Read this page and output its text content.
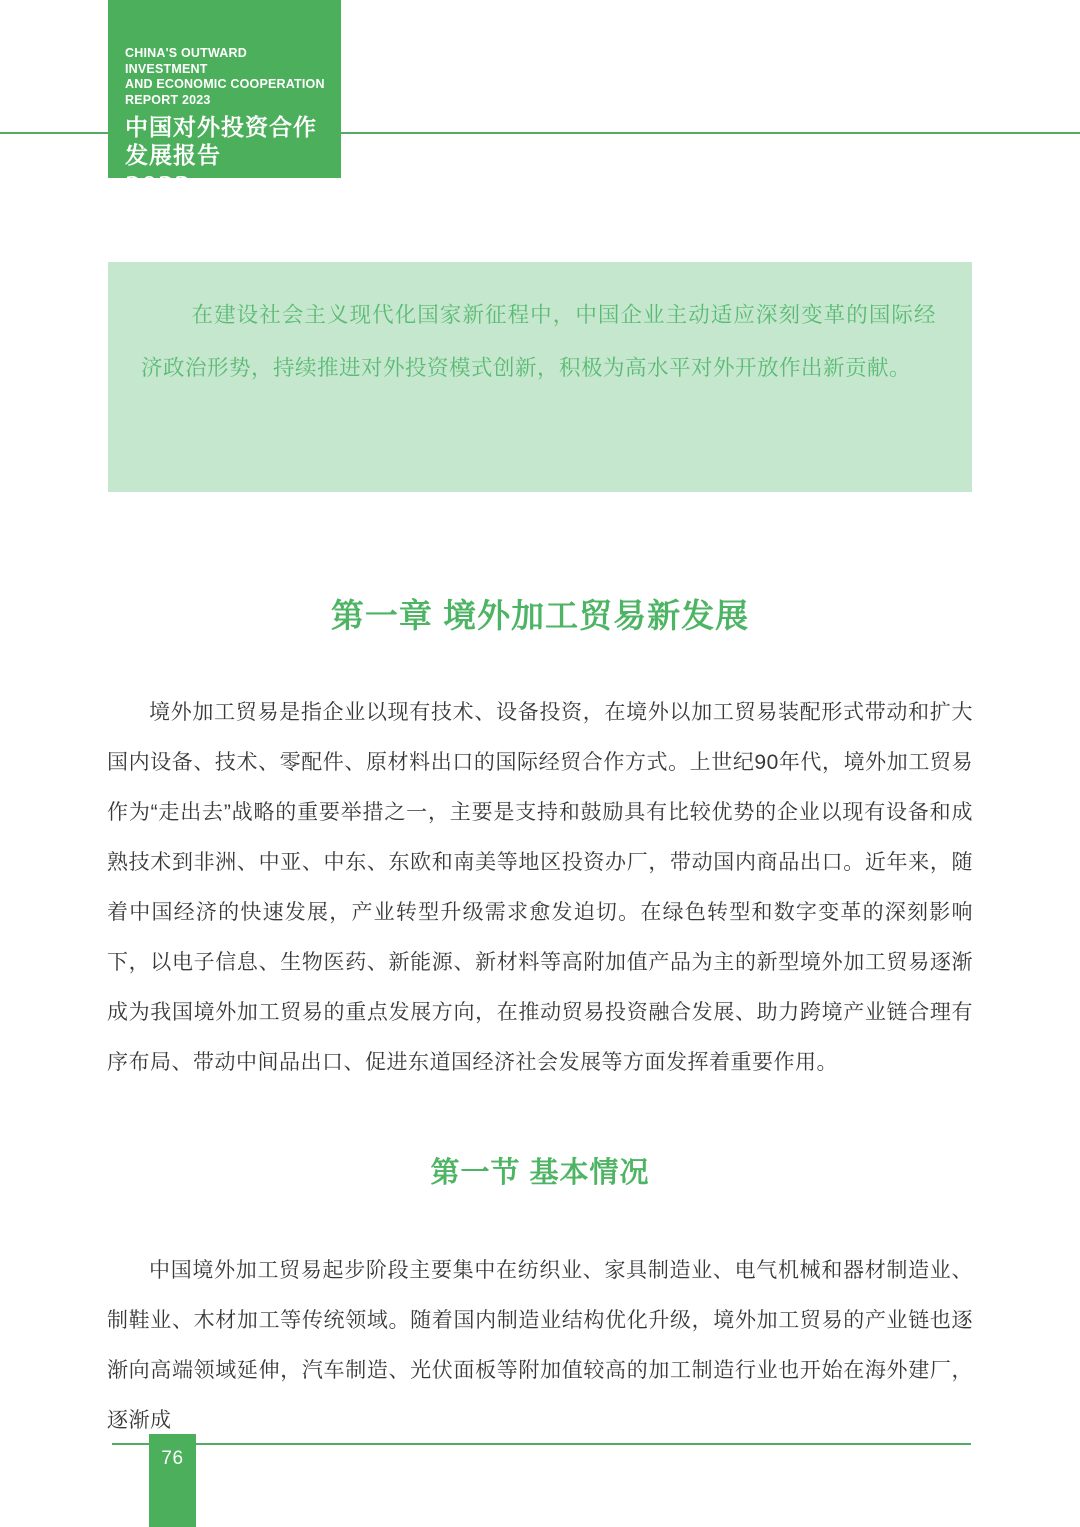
CHINA'S OUTWARD INVESTMENT
AND ECONOMIC COOPERATION
REPORT 2023
中国对外投资合作
发展报告
2023

在建设社会主义现代化国家新征程中，中国企业主动适应深刻变革的国际经济政治形势，持续推进对外投资模式创新，积极为高水平对外开放作出新贡献。

第一章 境外加工贸易新发展

境外加工贸易是指企业以现有技术、设备投资，在境外以加工贸易装配形式带动和扩大国内设备、技术、零配件、原材料出口的国际经贸合作方式。上世纪90年代，境外加工贸易作为“走出去”战略的重要举措之一，主要是支持和鼓励具有比较优势的企业以现有设备和成熟技术到非洲、中亚、中东、东欧和南美等地区投资办厂，带动国内商品出口。近年来，随着中国经济的快速发展，产业转型升级需求愈发迫切。在绿色转型和数字变革的深刻影响下，以电子信息、生物医药、新能源、新材料等高附加值产品为主的新型境外加工贸易逐渐成为我国境外加工贸易的重点发展方向，在推动贸易投资融合发展、助力跨境产业链合理有序布局、带动中间品出口、促进东道国经济社会发展等方面发挥着重要作用。

第一节 基本情况

中国境外加工贸易起步阶段主要集中在纺织业、家具制造业、电气机械和器材制造业、制鞋业、木材加工等传统领域。随着国内制造业结构优化升级，境外加工贸易的产业链也逐渐向高端领域延伸，汽车制造、光伏面板等附加值较高的加工制造行业也开始在海外建厂，逐渐成

76
